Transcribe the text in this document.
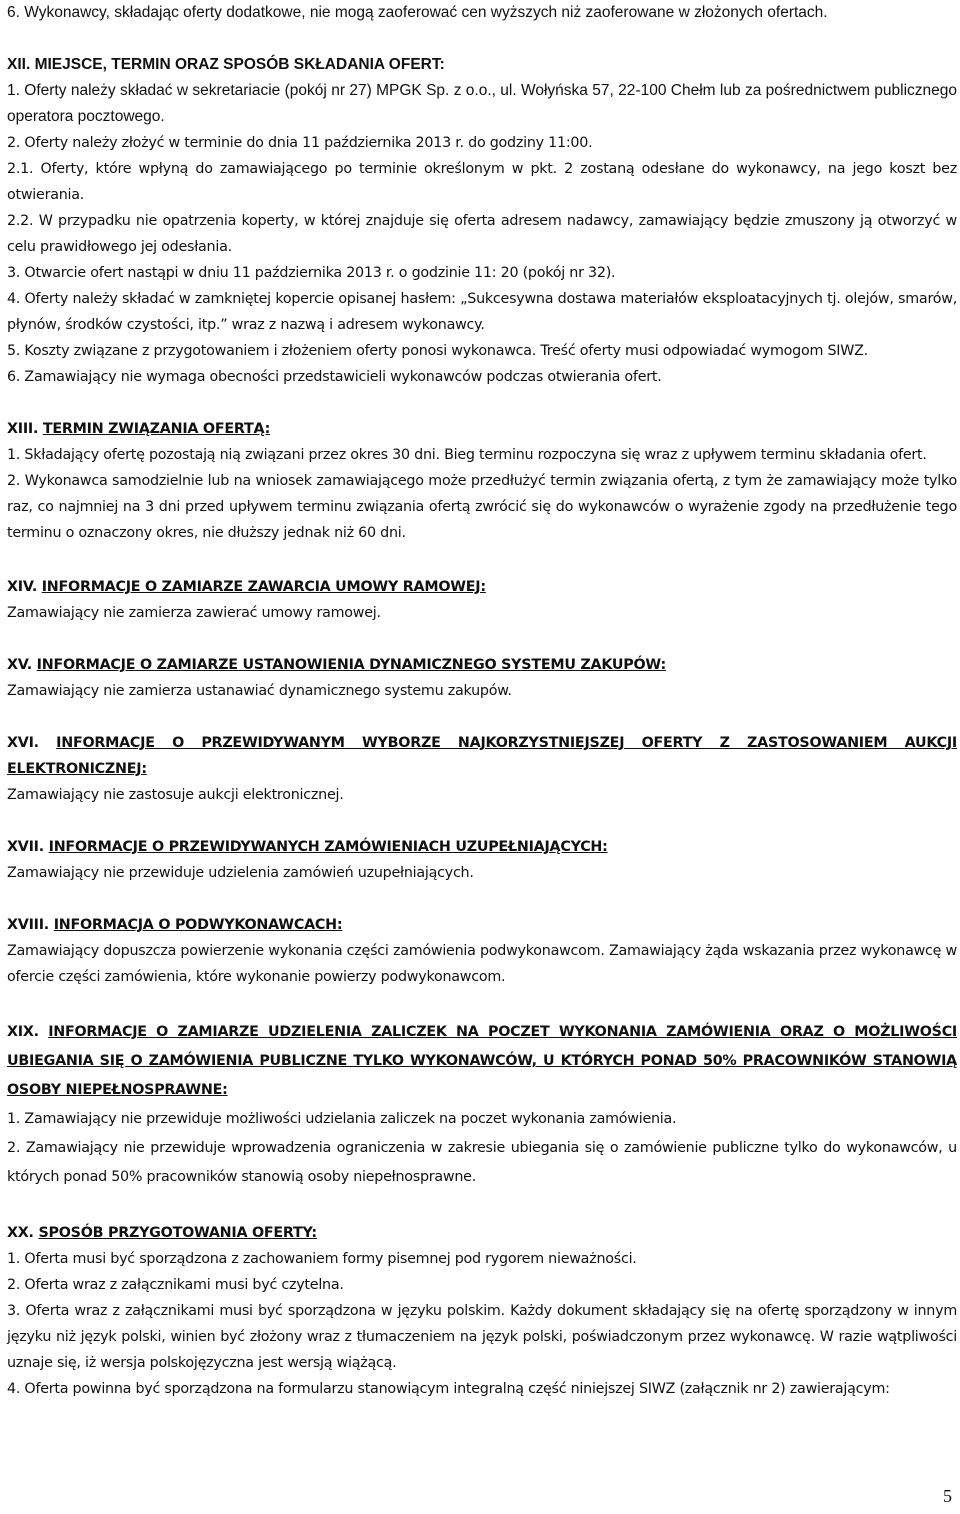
6. Wykonawcy, składając oferty dodatkowe, nie mogą zaoferować cen wyższych niż zaoferowane w złożonych ofertach.

XII. MIEJSCE, TERMIN ORAZ SPOSÓB SKŁADANIA OFERT:

1. Oferty należy składać w sekretariacie (pokój nr 27) MPGK Sp. z o.o., ul. Wołyńska 57, 22-100 Chełm lub za pośrednictwem publicznego operatora pocztowego.

2. Oferty należy złożyć w terminie do dnia 11 października 2013 r. do godziny 11:00.

2.1. Oferty, które wpłyną do zamawiającego po terminie określonym w pkt. 2 zostaną odesłane do wykonawcy, na jego koszt bez otwierania.

2.2. W przypadku nie opatrzenia koperty, w której znajduje się oferta adresem nadawcy, zamawiający będzie zmuszony ją otworzyć w celu prawidłowego jej odesłania.

3. Otwarcie ofert nastąpi w dniu 11 października 2013 r. o godzinie 11: 20 (pokój nr 32).

4. Oferty należy składać w zamkniętej kopercie opisanej hasłem: „Sukcesywna dostawa materiałów eksploatacyjnych tj. olejów, smarów, płynów, środków czystości, itp.” wraz z nazwą i adresem wykonawcy.

5. Koszty związane z przygotowaniem i złożeniem oferty ponosi wykonawca. Treść oferty musi odpowiadać wymogom SIWZ.

6. Zamawiający nie wymaga obecności przedstawicieli wykonawców podczas otwierania ofert.

XIII. TERMIN ZWIĄZANIA OFERTĄ:

1. Składający ofertę pozostają nią związani przez okres 30 dni. Bieg terminu rozpoczyna się wraz z upływem terminu składania ofert.

2. Wykonawca samodzielnie lub na wniosek zamawiającego może przedłużyć termin związania ofertą, z tym że zamawiający może tylko raz, co najmniej na 3 dni przed upływem terminu związania ofertą zwrócić się do wykonawców o wyrażenie zgody na przedłużenie tego terminu o oznaczony okres, nie dłuższy jednak niż 60 dni.

XIV. INFORMACJE O ZAMIARZE ZAWARCIA UMOWY RAMOWEJ:

Zamawiający nie zamierza zawierać umowy ramowej.

XV. INFORMACJE O ZAMIARZE USTANOWIENIA DYNAMICZNEGO SYSTEMU ZAKUPÓW:

Zamawiający nie zamierza ustanawiać dynamicznego systemu zakupów.

XVI. INFORMACJE O PRZEWIDYWANYM WYBORZE NAJKORZYSTNIEJSZEJ OFERTY Z ZASTOSOWANIEM AUKCJI ELEKTRONICZNEJ:

Zamawiający nie zastosuje aukcji elektronicznej.

XVII. INFORMACJE O PRZEWIDYWANYCH ZAMÓWIENIACH UZUPEŁNIAJĄCYCH:

Zamawiający nie przewiduje udzielenia zamówień uzupełniających.

XVIII. INFORMACJA O PODWYKONAWCACH:

Zamawiający dopuszcza powierzenie wykonania części zamówienia podwykonawcom. Zamawiający żąda wskazania przez wykonawcę w ofercie części zamówienia, które wykonanie powierzy podwykonawcom.

XIX. INFORMACJE O ZAMIARZE UDZIELENIA ZALICZEK NA POCZET WYKONANIA ZAMÓWIENIA ORAZ O MOŻLIWOŚCI UBIEGANIA SIĘ O ZAMÓWIENIA PUBLICZNE TYLKO WYKONAWCÓW, U KTÓRYCH PONAD 50% PRACOWNIKÓW STANOWIĄ OSOBY NIEPEŁNOSPRAWNE:

1. Zamawiający nie przewiduje możliwości udzielania zaliczek na poczet wykonania zamówienia.

2. Zamawiający nie przewiduje wprowadzenia ograniczenia w zakresie ubiegania się o zamówienie publiczne tylko do wykonawców, u których ponad 50% pracowników stanowią osoby niepełnosprawne.

XX. SPOSÓB PRZYGOTOWANIA OFERTY:

1. Oferta musi być sporządzona z zachowaniem formy pisemnej pod rygorem nieważności.

2. Oferta wraz z załącznikami musi być czytelna.

3. Oferta wraz z załącznikami musi być sporządzona w języku polskim. Każdy dokument składający się na ofertę sporządzony w innym języku niż język polski, winien być złożony wraz z tłumaczeniem na język polski, poświadczonym przez wykonawcę. W razie wątpliwości uznaje się, iż wersja polskojęzyczna jest wersją wiążącą.

4. Oferta powinna być sporządzona na formularzu stanowiącym integralną część niniejszej SIWZ (załącznik nr 2) zawierającym:

5
